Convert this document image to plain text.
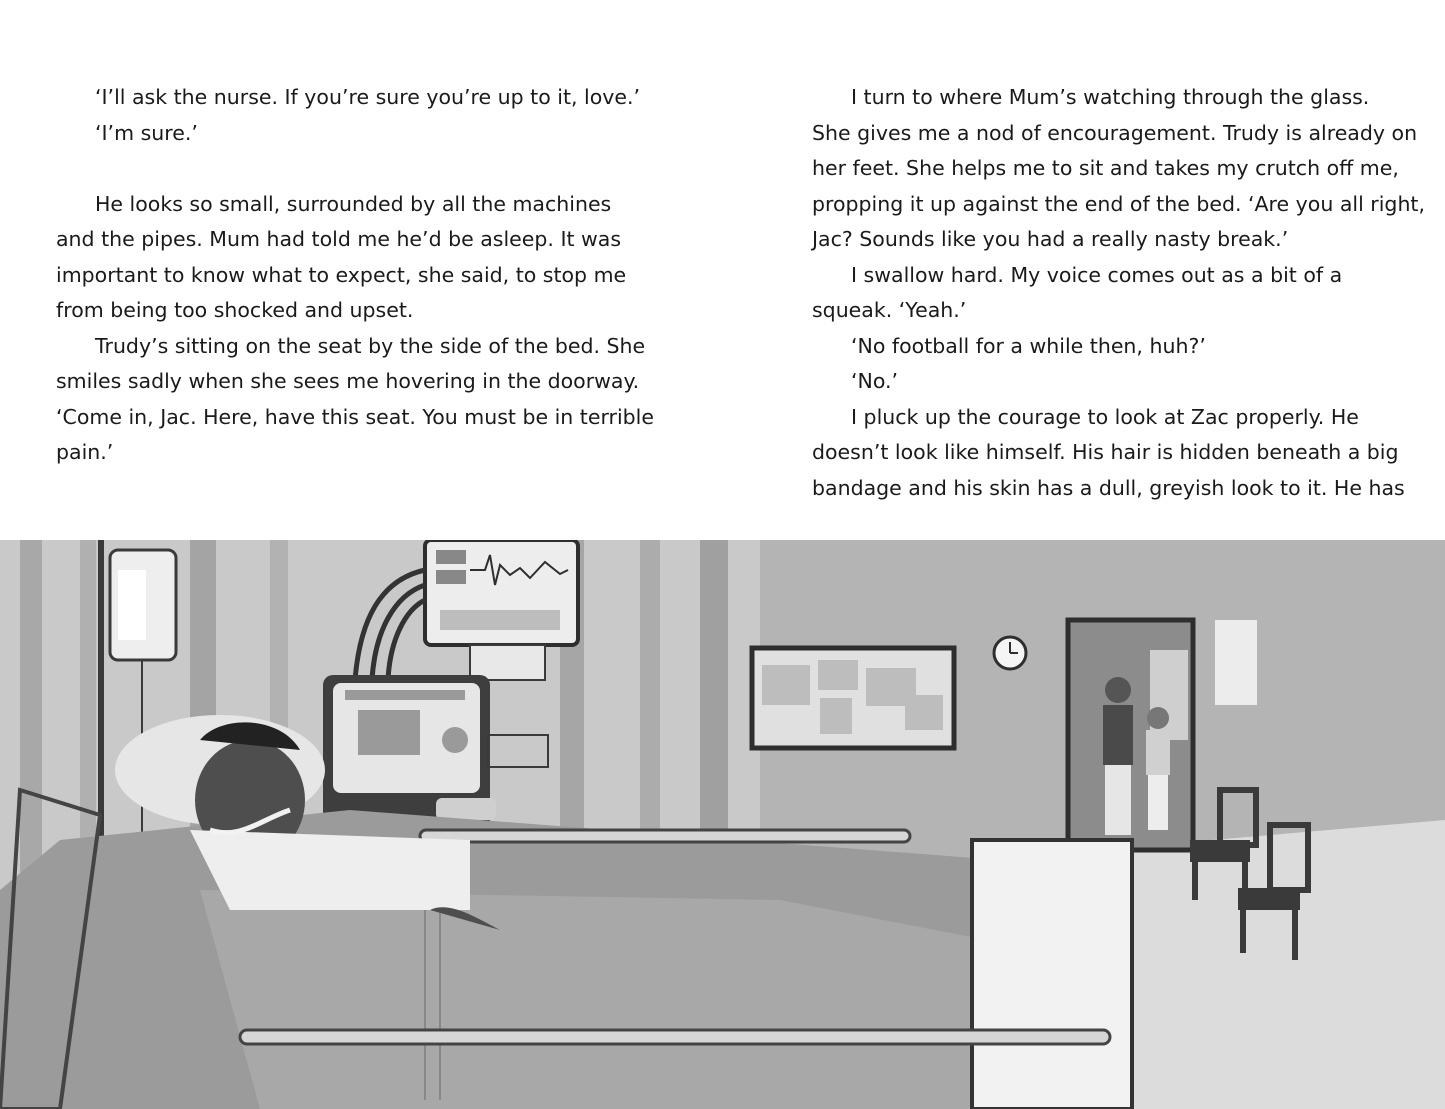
‘I’ll ask the nurse. If you’re sure you’re up to it, love.’

‘I’m sure.’

He looks so small, surrounded by all the machines

and the pipes. Mum had told me he’d be asleep. It was

important to know what to expect, she said, to stop me

from being too shocked and upset.

Trudy’s sitting on the seat by the side of the bed. She

smiles sadly when she sees me hovering in the doorway.

‘Come in, Jac. Here, have this seat. You must be in terrible

pain.’

I turn to where Mum’s watching through the glass.

She gives me a nod of encouragement. Trudy is already on

her feet. She helps me to sit and takes my crutch off me,

propping it up against the end of the bed. ‘Are you all right,

Jac? Sounds like you had a really nasty break.’

I swallow hard. My voice comes out as a bit of a

squeak. ‘Yeah.’

‘No football for a while then, huh?’

‘No.’

I pluck up the courage to look at Zac properly. He

doesn’t look like himself. His hair is hidden beneath a big

bandage and his skin has a dull, greyish look to it. He has
